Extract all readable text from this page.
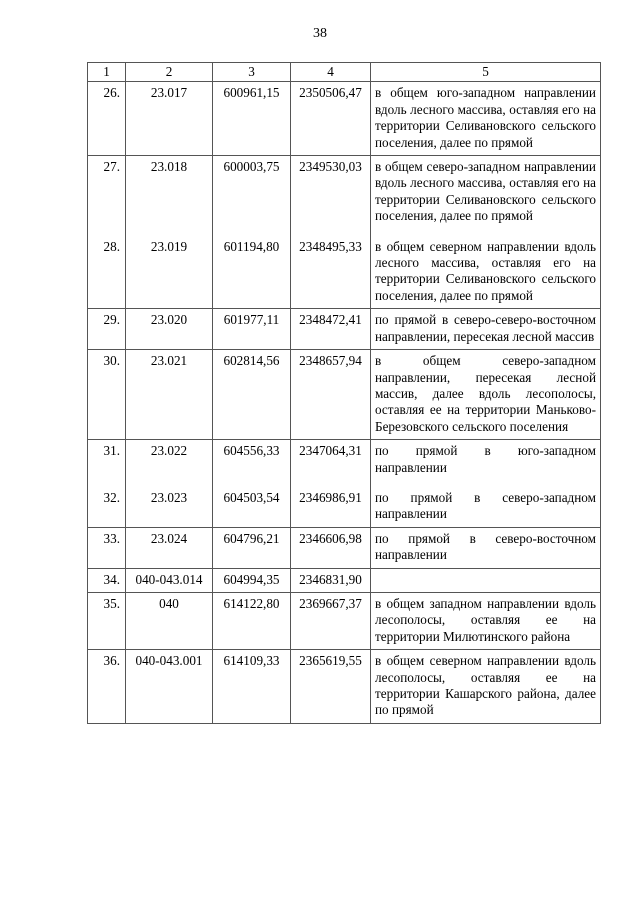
38
1	2	3	4	5
26.	23.017	600961,15	2350506,47	в общем юго-западном направлении вдоль лесного массива, оставляя его на территории Селивановского сельского поселения, далее по прямой
27.	23.018	600003,75	2349530,03	в общем северо-западном направлении вдоль лесного массива, оставляя его на территории Селивановского сельского поселения, далее по прямой
28.	23.019	601194,80	2348495,33	в общем северном направлении вдоль лесного массива, оставляя его на территории Селивановского сельского поселения, далее по прямой
29.	23.020	601977,11	2348472,41	по прямой в северо-северо-восточном направлении, пересекая лесной массив
30.	23.021	602814,56	2348657,94	в общем северо-западном направлении, пересекая лесной массив, далее вдоль лесополосы, оставляя ее на территории Маньково-Березовского сельского поселения
31.	23.022	604556,33	2347064,31	по прямой в юго-западном направлении
32.	23.023	604503,54	2346986,91	по прямой в северо-западном направлении
33.	23.024	604796,21	2346606,98	по прямой в северо-восточном направлении
34.	040-043.014	604994,35	2346831,90	
35.	040	614122,80	2369667,37	в общем западном направлении вдоль лесополосы, оставляя ее на территории Милютинского района
36.	040-043.001	614109,33	2365619,55	в общем северном направлении вдоль лесополосы, оставляя ее на территории Кашарского района, далее по прямой
